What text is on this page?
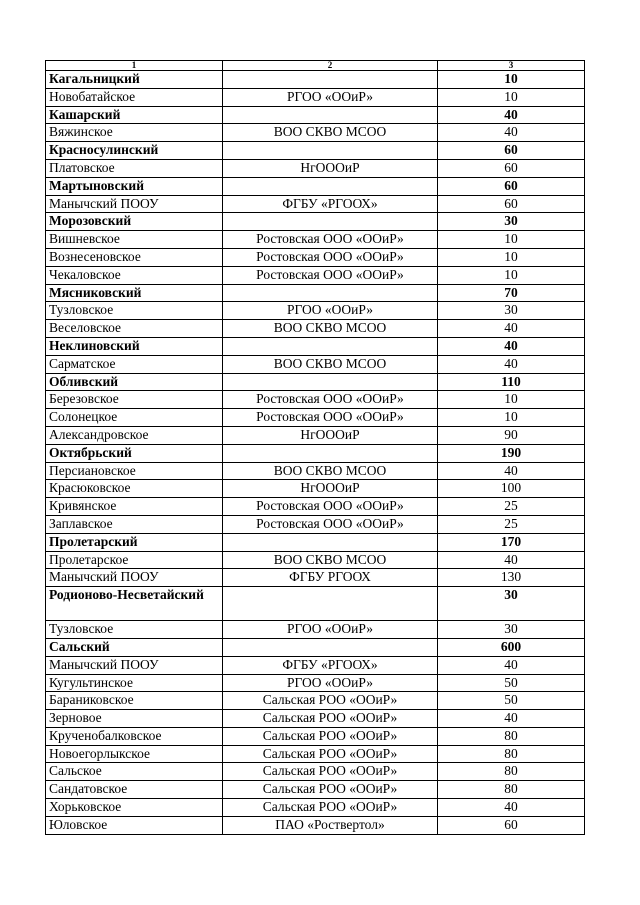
1	2	3
Кагальницкий		10
Новобатайское	РГОО «ООиР»	10
Кашарский		40
Вяжинское	ВОО СКВО МСОО	40
Красносулинский		60
Платовское	НгОООиР	60
Мартыновский		60
Манычский ПООУ	ФГБУ «РГООХ»	60
Морозовский		30
Вишневское	Ростовская ООО «ООиР»	10
Вознесеновское	Ростовская ООО «ООиР»	10
Чекаловское	Ростовская ООО «ООиР»	10
Мясниковский		70
Тузловское	РГОО «ООиР»	30
Веселовское	ВОО СКВО МСОО	40
Неклиновский		40
Сарматское	ВОО СКВО МСОО	40
Обливский		110
Березовское	Ростовская ООО «ООиР»	10
Солонецкое	Ростовская ООО «ООиР»	10
Александровское	НгОООиР	90
Октябрьский		190
Персиановское	ВОО СКВО МСОО	40
Красюковское	НгОООиР	100
Кривянское	Ростовская ООО «ООиР»	25
Заплавское	Ростовская ООО «ООиР»	25
Пролетарский		170
Пролетарское	ВОО СКВО МСОО	40
Манычский ПООУ	ФГБУ РГООХ	130
Родионово-Несветайский		30
Тузловское	РГОО «ООиР»	30
Сальский		600
Манычский ПООУ	ФГБУ «РГООХ»	40
Кугультинское	РГОО «ООиР»	50
Бараниковское	Сальская РОО «ООиР»	50
Зерновое	Сальская РОО «ООиР»	40
Крученобалковское	Сальская РОО «ООиР»	80
Новоегорлыкское	Сальская РОО «ООиР»	80
Сальское	Сальская РОО «ООиР»	80
Сандатовское	Сальская РОО «ООиР»	80
Хорьковское	Сальская РОО «ООиР»	40
Юловское	ПАО «Роствертол»	60
